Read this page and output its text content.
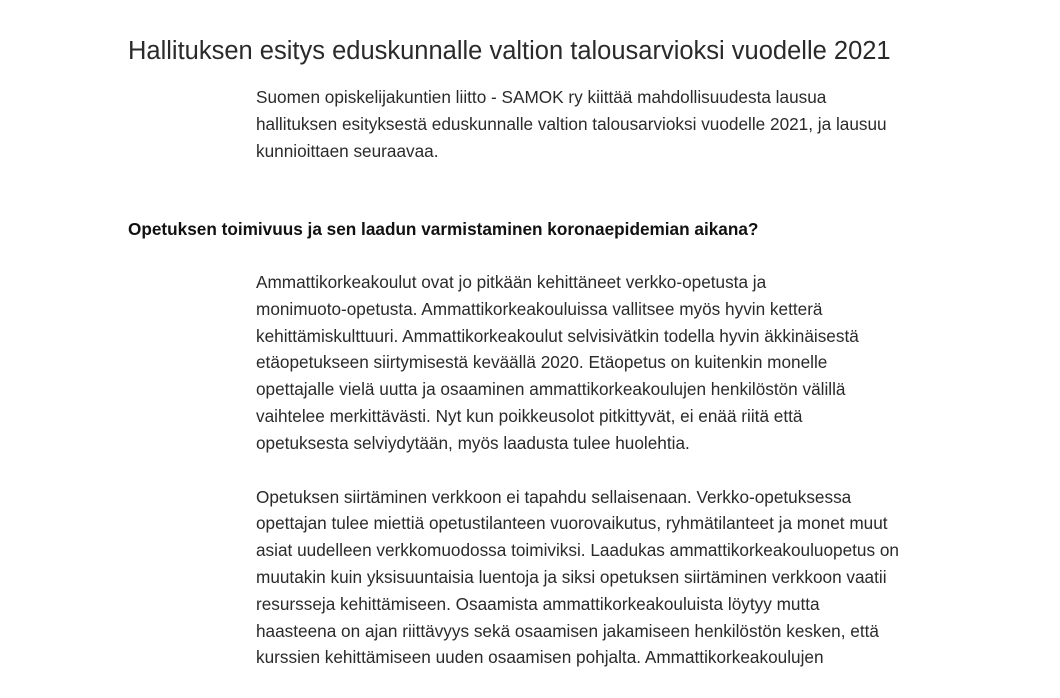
Hallituksen esitys eduskunnalle valtion talousarvioksi vuodelle 2021

Suomen opiskelijakuntien liitto - SAMOK ry kiittää mahdollisuudesta lausua
hallituksen esityksestä eduskunnalle valtion talousarvioksi vuodelle 2021, ja lausuu
kunnioittaen seuraavaa.

Opetuksen toimivuus ja sen laadun varmistaminen koronaepidemian aikana?

Ammattikorkeakoulut ovat jo pitkään kehittäneet verkko-opetusta ja
monimuoto-opetusta. Ammattikorkeakouluissa vallitsee myös hyvin ketterä
kehittämiskulttuuri. Ammattikorkeakoulut selvisivätkin todella hyvin äkkinäisestä
etäopetukseen siirtymisestä keväällä 2020. Etäopetus on kuitenkin monelle
opettajalle vielä uutta ja osaaminen ammattikorkeakoulujen henkilöstön välillä
vaihtelee merkittävästi. Nyt kun poikkeusolot pitkittyvät, ei enää riitä että
opetuksesta selviydytään, myös laadusta tulee huolehtia.

Opetuksen siirtäminen verkkoon ei tapahdu sellaisenaan. Verkko-opetuksessa
opettajan tulee miettiä opetustilanteen vuorovaikutus, ryhmätilanteet ja monet muut
asiat uudelleen verkkomuodossa toimiviksi. Laadukas ammattikorkeakouluopetus on
muutakin kuin yksisuuntaisia luentoja ja siksi opetuksen siirtäminen verkkoon vaatii
resursseja kehittämiseen. Osaamista ammattikorkeakouluista löytyy mutta
haasteena on ajan riittävyys sekä osaamisen jakamiseen henkilöstön kesken, että
kurssien kehittämiseen uuden osaamisen pohjalta. Ammattikorkeakoulujen
